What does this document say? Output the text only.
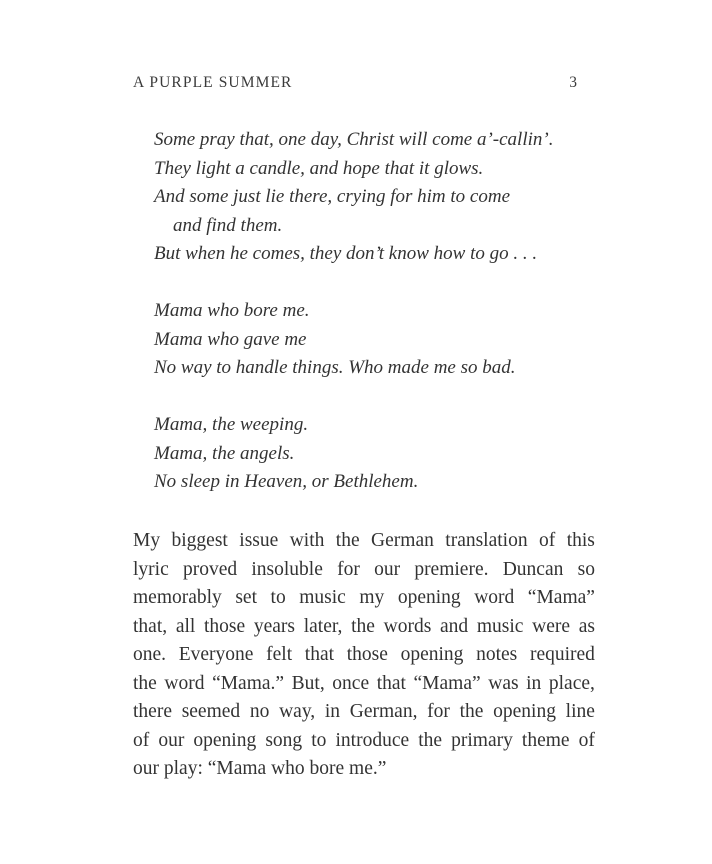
A PURPLE SUMMER	3
Some pray that, one day, Christ will come a’-callin’.
They light a candle, and hope that it glows.
And some just lie there, crying for him to come
and find them.
But when he comes, they don’t know how to go . . .
Mama who bore me.
Mama who gave me
No way to handle things. Who made me so bad.
Mama, the weeping.
Mama, the angels.
No sleep in Heaven, or Bethlehem.
My biggest issue with the German translation of this
lyric proved insoluble for our premiere. Duncan so
memorably set to music my opening word “Mama”
that, all those years later, the words and music were as
one. Everyone felt that those opening notes required
the word “Mama.” But, once that “Mama” was in place,
there seemed no way, in German, for the opening line
of our opening song to introduce the primary theme of
our play: “Mama who bore me.”
